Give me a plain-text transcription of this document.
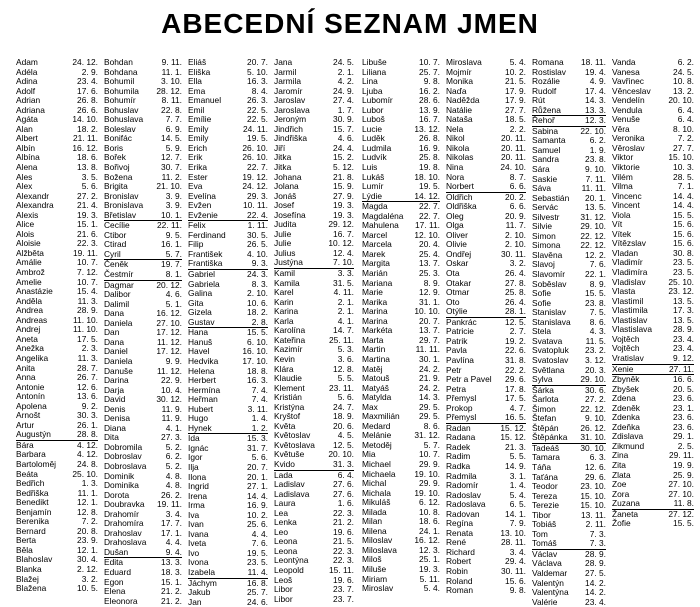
ABECEDNÍ SEZNAM JMEN
Adam	24. 12.
Adéla	2. 9.
Adina	23. 4.
Adolf	17. 6.
Adrian	26. 8.
Adriana	26. 6.
Agáta	14. 10.
Alan	18. 2.
Albert	21. 11.
Albín	16. 12.
Albína	18. 6.
Alena	13. 8.
Ales	3. 5.
Alex	5. 6.
Alexandr	27. 2.
Alexandra	21. 4.
Alexis	19. 3.
Alice	15. 1.
Alois	21. 6.
Aloisie	22. 3.
Alžběta	19. 11.
Amálie	10. 7.
Ambrož	7. 12.
Amelie	10. 7.
Anastázie	15. 4.
Anděla	11. 3.
Andrea	28. 9.
Andreas	11. 10.
Andrej	11. 10.
Aneta	17. 5.
Anežka	2. 3.
Angelika	11. 3.
Anita	28. 7.
Anna	26. 7.
Antonie	12. 6.
Antonín	13. 6.
Apolena	9. 2.
Arnošt	30. 3.
Artur	26. 1.
Augustýn	28. 8.
Bára	4. 12.
Barbara	4. 12.
Bartoloměj	24. 8.
Beáta	25. 10.
Bedřich	1. 3.
Bedřiška	11. 1.
Benedikt	12. 1.
Benjamín	12. 8.
Berenika	7. 2.
Bernard	20. 8.
Berta	23. 9.
Běla	12. 1.
Blahoslav	30. 4.
Blanka	2. 12.
Blažej	3. 2.
Blažena	10. 5.
Bohdan	9. 11.
Bohdana	11. 1.
Bohumil	3. 10.
Bohumila 28. 12.
Bohumír	8. 11.
Bohuslav	22. 8.
Bohuslava	7. 7.
Boleslav	6. 9.
Bonifác	14. 5.
Boris	5. 9.
Bořek	12. 7.
Bořivoj	30. 7.
Božena	11. 2.
Brigita	21. 10.
Bronislav	3. 9.
Bronislava	3. 9.
Břetislav	10. 1.
Cecílie	22. 11.
Ctibor	9. 5.
Ctirad	16. 1.
Cyril	5. 7.
Čeněk	19. 7.
Čestmír	8. 1.
Dagmar	20. 12.
Dalibor	4. 6.
Dalimil	5. 1.
Dana	16. 12.
Daniela	27. 10.
Dan	17. 12.
Dana	11. 12.
Daniel	17. 12.
Daniela	9. 9.
Danuše	11. 12.
Darina	22. 9.
Darja	10. 4.
David	30. 12.
Denis	11. 9.
Denisa	11. 9.
Diana	4. 1.
Dita	27. 3.
Dobromila	5. 2.
Dobroslav	6. 2.
Dobroslava 5. 2.
Dominik	4. 8.
Dominika	4. 8.
Dorota	26. 2.
Doubravka 19. 11.
Drahomír	3. 4.
Drahomíra 17. 7.
Drahoslav 17. 1.
Drahoslava 4. 4.
Dušan	9. 4.
Edita	13. 3.
Eduard	18. 3.
Egon	15. 1.
Elena	21. 2.
Eleonora	21. 2.
Eliáš	20. 7.
Eliška	5. 10.
Ella	16. 3.
Ema	8. 4.
Emanuel	26. 3.
Emil	22. 5.
Emílie	22. 5.
Emily	24. 11.
Emily	19. 5.
Erich	26. 10.
Erik	26. 10.
Erika	22. 7.
Ester	19. 12.
Eva	24. 12.
Evelína	29. 3.
Evžen	10. 11.
Evženie	22. 4.
Felix	1. 11.
Ferdinand	30. 5.
Filip	26. 5.
František	4. 10.
Františka	9. 3.
Gabriel	24. 3.
Gabriela	8. 3.
Galina	2. 10.
Gita	10. 6.
Gizela	18. 2.
Gustav	2. 8.
Hana	15. 5.
Hanuš	6. 10.
Havel	16. 10.
Hedvika	17. 10.
Helena	18. 8.
Herbert	16. 3.
Hermína	7. 4.
Heřman	7. 4.
Hubert	3. 11.
Hugo	1. 4.
Hynek	1. 2.
Ida	15. 3.
Ignác	31. 7.
Igor	5. 6.
Ilja	20. 7.
Ilona	20. 1.
Ingrid	27. 1.
Irena	14. 4.
Irma	16. 9.
Iva	10. 2.
Ivan	25. 6.
Ivana	4. 4.
Iveta	7. 6.
Ivo	19. 5.
Ivona	23. 5.
Izabela	11. 4.
Jáchym	16. 8.
Jakub	25. 7.
Jan	24. 6.
Jana	24. 5.
Jarmil	2. 1.
Jarmila	4. 2.
Jaromír	24. 9.
Jaroslav	27. 4.
Jaroslava	1. 7.
Jeroným	30. 9.
Jindřich	15. 7.
Jindřiška	4. 6.
Jiří	24. 4.
Jitka	15. 2.
Jitka	5. 12.
Johana	21. 8.
Jolana	15. 9.
Jonáš	27. 9.
Josef	19. 3.
Josefína	19. 3.
Judita	29. 12.
Julie	16. 7.
Julie	10. 12.
Julius	12. 4.
Justýna	7. 10.
Kamil	3. 3.
Kamila	31. 5.
Karel	4. 11.
Karin	2. 1.
Karina	2. 1.
Karla	4. 1.
Karolína	14. 7.
Kateřina	25. 11.
Kazimír	5. 3.
Kevin	3. 6.
Klára	12. 8.
Klaudie	5. 5.
Klement	23. 11.
Kristián	5. 6.
Kristýna	24. 7.
Kryštof	18. 9.
Květa	20. 6.
Květoslav	4. 5.
Květoslava 12. 5.
Květuše	20. 10.
Kvido	31. 3.
Lada	6. 4.
Ladislav	27. 6.
Ladislava	27. 6.
Laura	1. 6.
Lea	22. 3.
Lenka	21. 2.
Leo	19. 6.
Leona	21. 5.
Leona	22. 3.
Leontýna	22. 3.
Leopold	15. 11.
Leoš	19. 6.
Libor	23. 7.
Libor	23. 7.
Libuše	10. 7.
Liliana	25. 7.
Lina	9. 8.
Ljuba	16. 2.
Lubomír	28. 6.
Lubor	13. 9.
Luboš	16. 7.
Lucie	13. 12.
Luděk	26. 8.
Ludmila	16. 9.
Ludvík	25. 8.
Luis	19. 8.
Lukáš	18. 10.
Lumír	19. 5.
Lýdie	14. 12.
Magda	22. 7.
Magdaléna 22. 7.
Mahulena 17. 11.
Marcel	12. 10.
Marcela	20. 4.
Marek	25. 4.
Margita	13. 7.
Marián	25. 3.
Mariana	8. 9.
Marie	12. 9.
Marika	31. 1.
Marina	10. 10.
Marina	20. 7.
Markéta	13. 7.
Marta	29. 7.
Martin	11. 11.
Martina	30. 1.
Matěj	24. 2.
Matouš	21. 9.
Matyáš	24. 2.
Matylda	14. 3.
Max	29. 5.
Maxmilián 29. 5.
Medard	8. 6.
Melánie	31. 12.
Metoděj	5. 7.
Mia	10. 7.
Michael	29. 9.
Michaela 19. 10.
Michal	29. 9.
Michala	19. 10.
Mikuláš	6. 12.
Milada	10. 8.
Milan	18. 6.
Milena	24. 1.
Miloslav	16. 12.
Miloslava	12. 3.
Miloš	25. 1.
Miluše	19. 3.
Miriam	5. 11.
Miroslav	5. 4.
Miroslava	5. 4.
Mojmír	10. 2.
Monika	21. 5.
Naďa	17. 9.
Naděžda	17. 9.
Natálie	27. 7.
Nataša	18. 5.
Nela	2. 2.
Nikol	20. 11.
Nikola	20. 11.
Nikolas	20. 11.
Nina	24. 10.
Nora	8. 7.
Norbert	6. 6.
Oldřich	20. 2.
Oldřiška	6. 6.
Oleg	20. 9.
Olga	11. 7.
Oliver	2. 10.
Olivie	2. 10.
Ondřej	30. 11.
Oskar	3. 2.
Ota	26. 4.
Otakar	27. 8.
Otmar	25. 8.
Oto	26. 4.
Otýlie	28. 1.
Pankrác	12. 5.
Patricie	2. 7.
Patrik	19. 2.
Pavla	22. 6.
Pavlína	31. 8.
Petr	22. 2.
Petr a Pavel 29. 6.
Petra	17. 8.
Přemysl	17. 5.
Prokop	4. 7.
Přemysl	16. 5.
Radan	15. 12.
Radana	15. 12.
Radek	21. 3.
Radim	5. 5.
Radka	14. 9.
Radmila	3. 1.
Radomír	1. 4.
Radoslav	5. 4.
Radoslava	6. 5.
Radovan	14. 1.
Regína	7. 9.
Renata	13. 10.
René	28. 11.
Richard	3. 4.
Robert	29. 4.
Robin	30. 11.
Roland	15. 6.
Roman	9. 8.
Romana 18. 11.
Rostislav 19. 4.
Rozálie	4. 9.
Rudolf	17. 4.
Rút	14. 3.
Růžena	13. 3.
Řehoř	12. 3.
Sabina	22. 10.
Samanta	6. 2.
Samuel	1. 9.
Sandra	23. 8.
Sára	9. 10.
Saskie	7. 11.
Sáva	11. 11.
Sebastián 20. 1.
Servác	13. 5.
Silvestr 31. 12.
Silvie	29. 10.
Simon	22. 12.
Simona 22. 12.
Slavěna	12. 2.
Slavoj	7. 6.
Slavomír 22. 1.
Soběslav	8. 9.
Sofie	15. 5.
Sofie	23. 8.
Stanislav	7. 5.
Stanislava 8. 6.
Stela	4. 3.
Svatava	11. 5.
Svatopluk 23. 2.
Svatoslav 3. 12.
Světlana 20. 3.
Sylva	29. 10.
Šárka	30. 6.
Šarlota	27. 2.
Šimon	22. 12.
Štefan	9. 10.
Štěpán	26. 12.
Štěpánka 31. 10.
Tadeáš	30. 10.
Tamara	6. 3.
Táňa	12. 6.
Taťána	29. 6.
Teodor	23. 10.
Tereza	15. 10.
Terezie	15. 10.
Tibor	13. 11.
Tobiáš	2. 11.
Tom	7. 3.
Tomáš	7. 3.
Václav	28. 9.
Václava	28. 9.
Valdemar 27. 5.
Valentýn	14. 2.
Valentýna 14. 2.
Valérie	23. 4.
Vanda	6. 2.
Vanesa	24. 5.
Vavřinec	10. 8.
Věnceslav	13. 2.
Vendelín	20. 10.
Vendula	6. 4.
Venuše	6. 4.
Věra	8. 10.
Veronika	7. 2.
Věroslav	27. 7.
Viktor	15. 10.
Viktorie	10. 3.
Vilém	28. 5.
Vilma	7. 1.
Vincenc	14. 4.
Vincent	14. 4.
Viola	15. 5.
Vít	15. 6.
Vítek	15. 6.
Vítězslav	15. 6.
Vladan	30. 8.
Vladimír	23. 5.
Vladimíra	23. 5.
Vladislav	25. 10.
Vlasta	23. 12.
Vlastimil	13. 5.
Vlastimila	17. 3.
Vlastislav	13. 5.
Vlastislava	28. 9.
Vojtěch	23. 4.
Vojtěch	23. 4.
Vratislav	9. 12.
Xenie	27. 11.
Zbyněk	16. 6.
Zbyšek	20. 5.
Zdena	23. 6.
Zdeněk	23. 1.
Zdenka	23. 6.
Zdeňka	23. 6.
Zdislava	29. 1.
Zikmund	2. 5.
Zina	29. 11.
Zita	19. 9.
Zlata	25. 9.
Zoe	27. 10.
Zora	27. 10.
Zuzana	11. 8.
Žaneta	27. 12.
Žofie	15. 5.
